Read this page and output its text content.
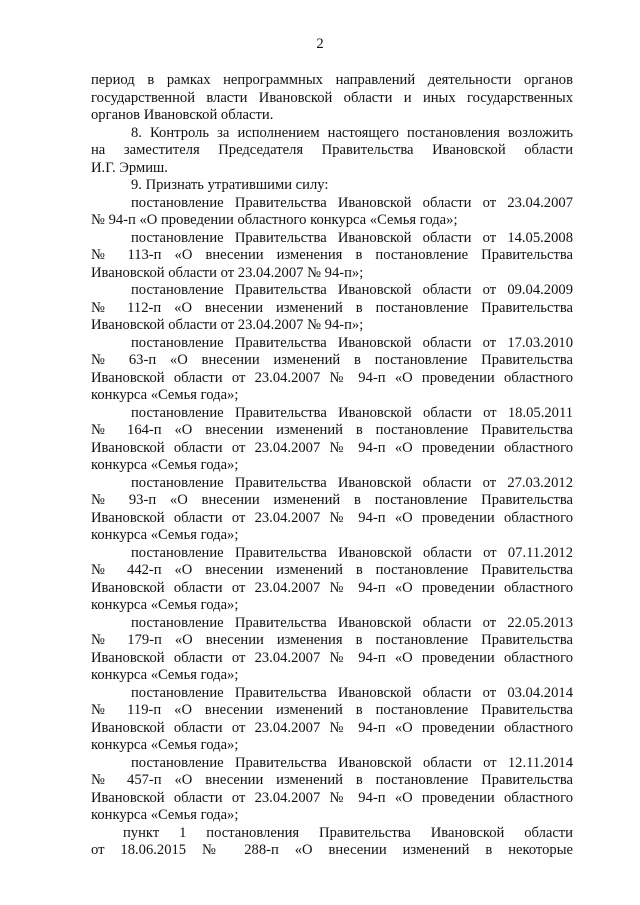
2

период в рамках непрограммных направлений деятельности органов

государственной власти Ивановской области и иных государственных

органов Ивановской области.

8. Контроль за исполнением настоящего постановления возложить

на заместителя Председателя Правительства Ивановской области

И.Г. Эрмиш.

9. Признать утратившими силу:

постановление Правительства Ивановской области от 23.04.2007

№ 94-п «О проведении областного конкурса «Семья года»;

постановление Правительства Ивановской области от 14.05.2008

№ 113-п «О внесении изменения в постановление Правительства

Ивановской области от 23.04.2007 № 94-п»;

постановление Правительства Ивановской области от 09.04.2009

№ 112-п «О внесении изменений в постановление Правительства

Ивановской области от 23.04.2007 № 94-п»;

постановление Правительства Ивановской области от 17.03.2010

№ 63-п «О внесении изменений в постановление Правительства

Ивановской области от 23.04.2007 № 94-п «О проведении областного

конкурса «Семья года»;

постановление Правительства Ивановской области от 18.05.2011

№ 164-п «О внесении изменений в постановление Правительства

Ивановской области от 23.04.2007 № 94-п «О проведении областного

конкурса «Семья года»;

постановление Правительства Ивановской области от 27.03.2012

№ 93-п «О внесении изменений в постановление Правительства

Ивановской области от 23.04.2007 № 94-п «О проведении областного

конкурса «Семья года»;

постановление Правительства Ивановской области от 07.11.2012

№ 442-п «О внесении изменений в постановление Правительства

Ивановской области от 23.04.2007 № 94-п «О проведении областного

конкурса «Семья года»;

постановление Правительства Ивановской области от 22.05.2013

№ 179-п «О внесении изменения в постановление Правительства

Ивановской области от 23.04.2007 № 94-п «О проведении областного

конкурса «Семья года»;

постановление Правительства Ивановской области от 03.04.2014

№ 119-п «О внесении изменений в постановление Правительства

Ивановской области от 23.04.2007 № 94-п «О проведении областного

конкурса «Семья года»;

постановление Правительства Ивановской области от 12.11.2014

№ 457-п «О внесении изменений в постановление Правительства

Ивановской области от 23.04.2007 № 94-п «О проведении областного

конкурса «Семья года»;

пункт 1 постановления Правительства Ивановской области

от 18.06.2015 № 288-п «О внесении изменений в некоторые
